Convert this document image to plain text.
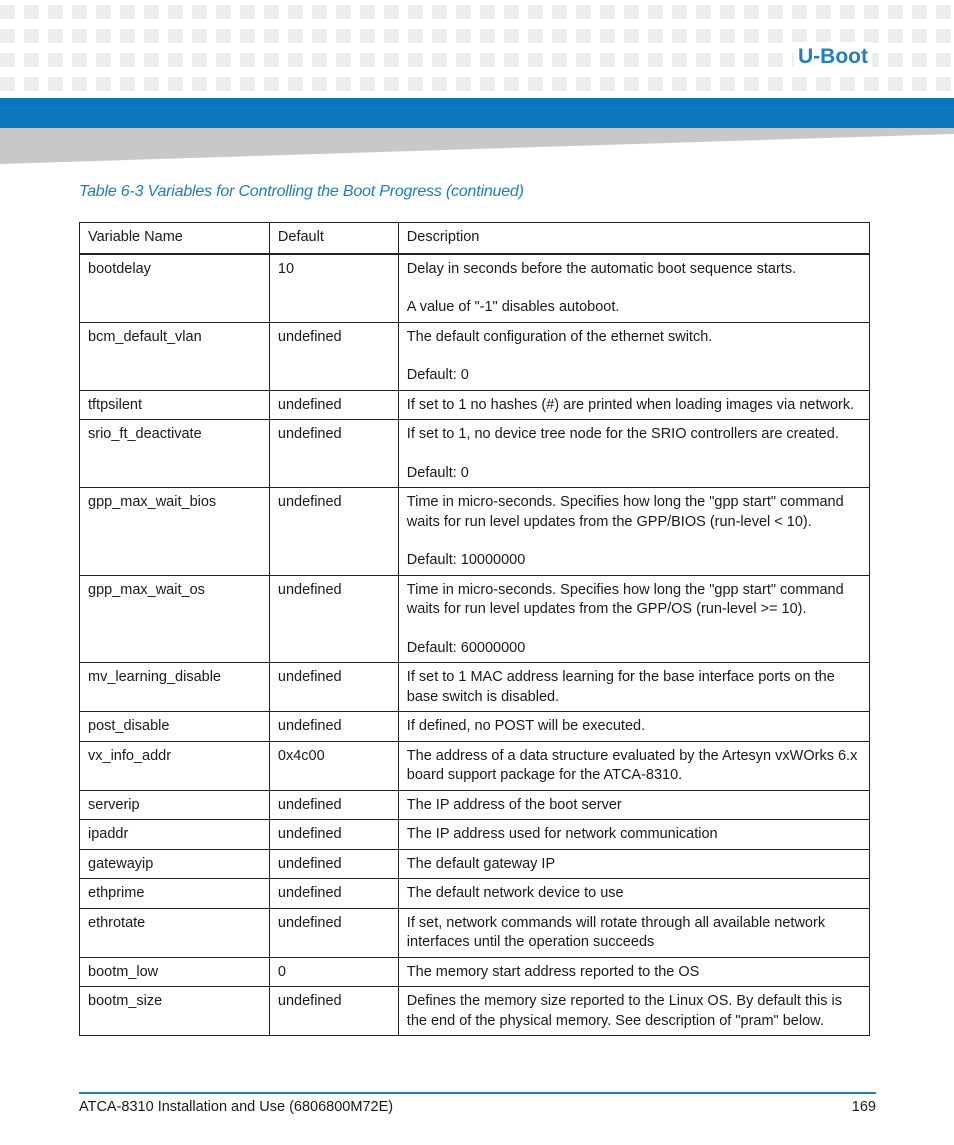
U-Boot
Table 6-3 Variables for Controlling the Boot Progress (continued)
Variable Name	Default	Description
bootdelay	10	Delay in seconds before the automatic boot sequence starts.
A value of "-1" disables autoboot.

bcm_default_vlan	undefined	The default configuration of the ethernet switch.
Default: 0

tftpsilent	undefined	If set to 1 no hashes (#) are printed when loading images via network.

srio_ft_deactivate	undefined	If set to 1, no device tree node for the SRIO controllers are created.
Default: 0

gpp_max_wait_bios	undefined	Time in micro-seconds. Specifies how long the "gpp start" command waits for run level updates from the GPP/BIOS (run-level < 10).
Default: 10000000

gpp_max_wait_os	undefined	Time in micro-seconds. Specifies how long the "gpp start" command waits for run level updates from the GPP/OS (run-level >= 10).
Default: 60000000

mv_learning_disable	undefined	If set to 1 MAC address learning for the base interface ports on the base switch is disabled.

post_disable	undefined	If defined, no POST will be executed.

vx_info_addr	0x4c00	The address of a data structure evaluated by the Artesyn vxWOrks 6.x board support package for the ATCA-8310.

serverip	undefined	The IP address of the boot server

ipaddr	undefined	The IP address used for network communication

gatewayip	undefined	The default gateway IP

ethprime	undefined	The default network device to use

ethrotate	undefined	If set, network commands will rotate through all available network interfaces until the operation succeeds

bootm_low	0	The memory start address reported to the OS

bootm_size	undefined	Defines the memory size reported to the Linux OS. By default this is the end of the physical memory. See description of "pram" below.
ATCA-8310 Installation and Use (6806800M72E)	169
